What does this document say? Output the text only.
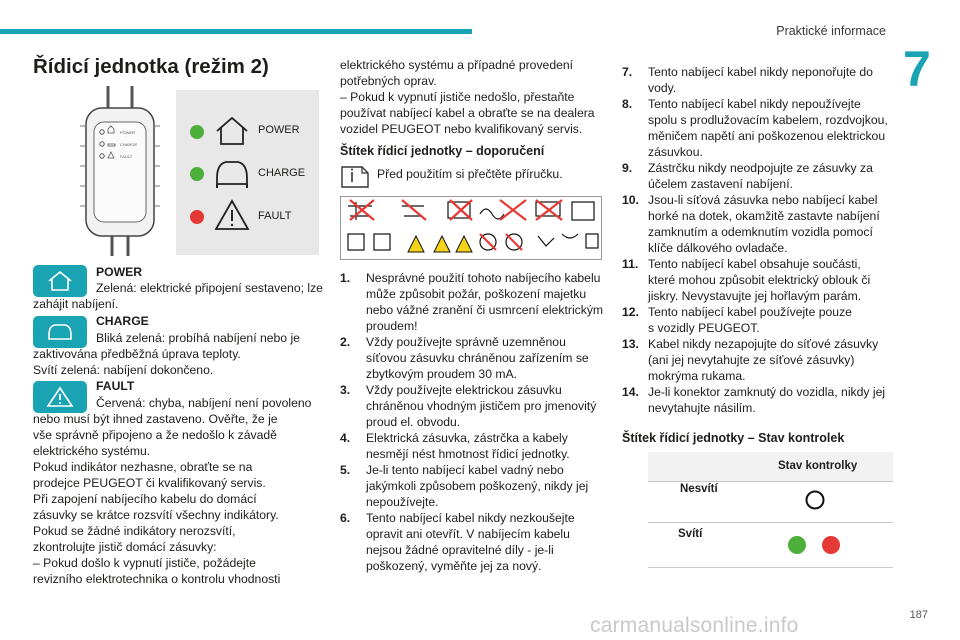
Praktické informace
7
Řídicí jednotka (režim 2)
POWER
CHARGE
FAULT
POWER
CHARGE
FAULT
POWER
Zelená: elektrické připojení sestaveno; lze
zahájit nabíjení.
CHARGE
Bliká zelená: probíhá nabíjení nebo je
zaktivována předběžná úprava teploty.
Svítí zelená: nabíjení dokončeno.
FAULT
Červená: chyba, nabíjení není povoleno
nebo musí být ihned zastaveno. Ověřte, že je
vše správně připojeno a že nedošlo k závadě
elektrického systému.
Pokud indikátor nezhasne, obraťte se na
prodejce PEUGEOT či kvalifikovaný servis.
Při zapojení nabíjecího kabelu do domácí
zásuvky se krátce rozsvítí všechny indikátory.
Pokud se žádné indikátory nerozsvítí,
zkontrolujte jistič domácí zásuvky:
– Pokud došlo k vypnutí jističe, požádejte
revizního elektrotechnika o kontrolu vhodnosti
elektrického systému a případné provedení
potřebných oprav.
– Pokud k vypnutí jističe nedošlo, přestaňte
používat nabíjecí kabel a obraťte se na dealera
vozidel PEUGEOT nebo kvalifikovaný servis.
Štítek řídicí jednotky – doporučení
Před použitím si přečtěte příručku.
1. Nesprávné použití tohoto nabíjecího kabelu
může způsobit požár, poškození majetku
nebo vážné zranění či usmrcení elektrickým
proudem!
2. Vždy používejte správně uzemněnou
síťovou zásuvku chráněnou zařízením se
zbytkovým proudem 30 mA.
3. Vždy používejte elektrickou zásuvku
chráněnou vhodným jističem pro jmenovitý
proud el. obvodu.
4. Elektrická zásuvka, zástrčka a kabely
nesmějí nést hmotnost řídicí jednotky.
5. Je-li tento nabíjecí kabel vadný nebo
jakýmkoli způsobem poškozený, nikdy jej
nepoužívejte.
6. Tento nabíjecí kabel nikdy nezkoušejte
opravit ani otevřít. V nabíjecím kabelu
nejsou žádné opravitelné díly - je-li
poškozený, vyměňte jej za nový.
7. Tento nabíjecí kabel nikdy neponořujte do
vody.
8. Tento nabíjecí kabel nikdy nepoužívejte
spolu s prodlužovacím kabelem, rozdvojkou,
měničem napětí ani poškozenou elektrickou
zásuvkou.
9. Zástrčku nikdy neodpojujte ze zásuvky za
účelem zastavení nabíjení.
10. Jsou-li síťová zásuvka nebo nabíjecí kabel
horké na dotek, okamžitě zastavte nabíjení
zamknutím a odemknutím vozidla pomocí
klíče dálkového ovladače.
11. Tento nabíjecí kabel obsahuje součásti,
které mohou způsobit elektrický oblouk či
jiskry. Nevystavujte jej hořlavým parám.
12. Tento nabíjecí kabel používejte pouze
s vozidly PEUGEOT.
13. Kabel nikdy nezapojujte do síťové zásuvky
(ani jej nevytahujte ze síťové zásuvky)
mokrýma rukama.
14. Je-li konektor zamknutý do vozidla, nikdy jej
nevytahujte násilím.
Štítek řídicí jednotky – Stav kontrolek
Stav kontrolky
Nesvítí
Svítí
187
carmanualsonline.info
